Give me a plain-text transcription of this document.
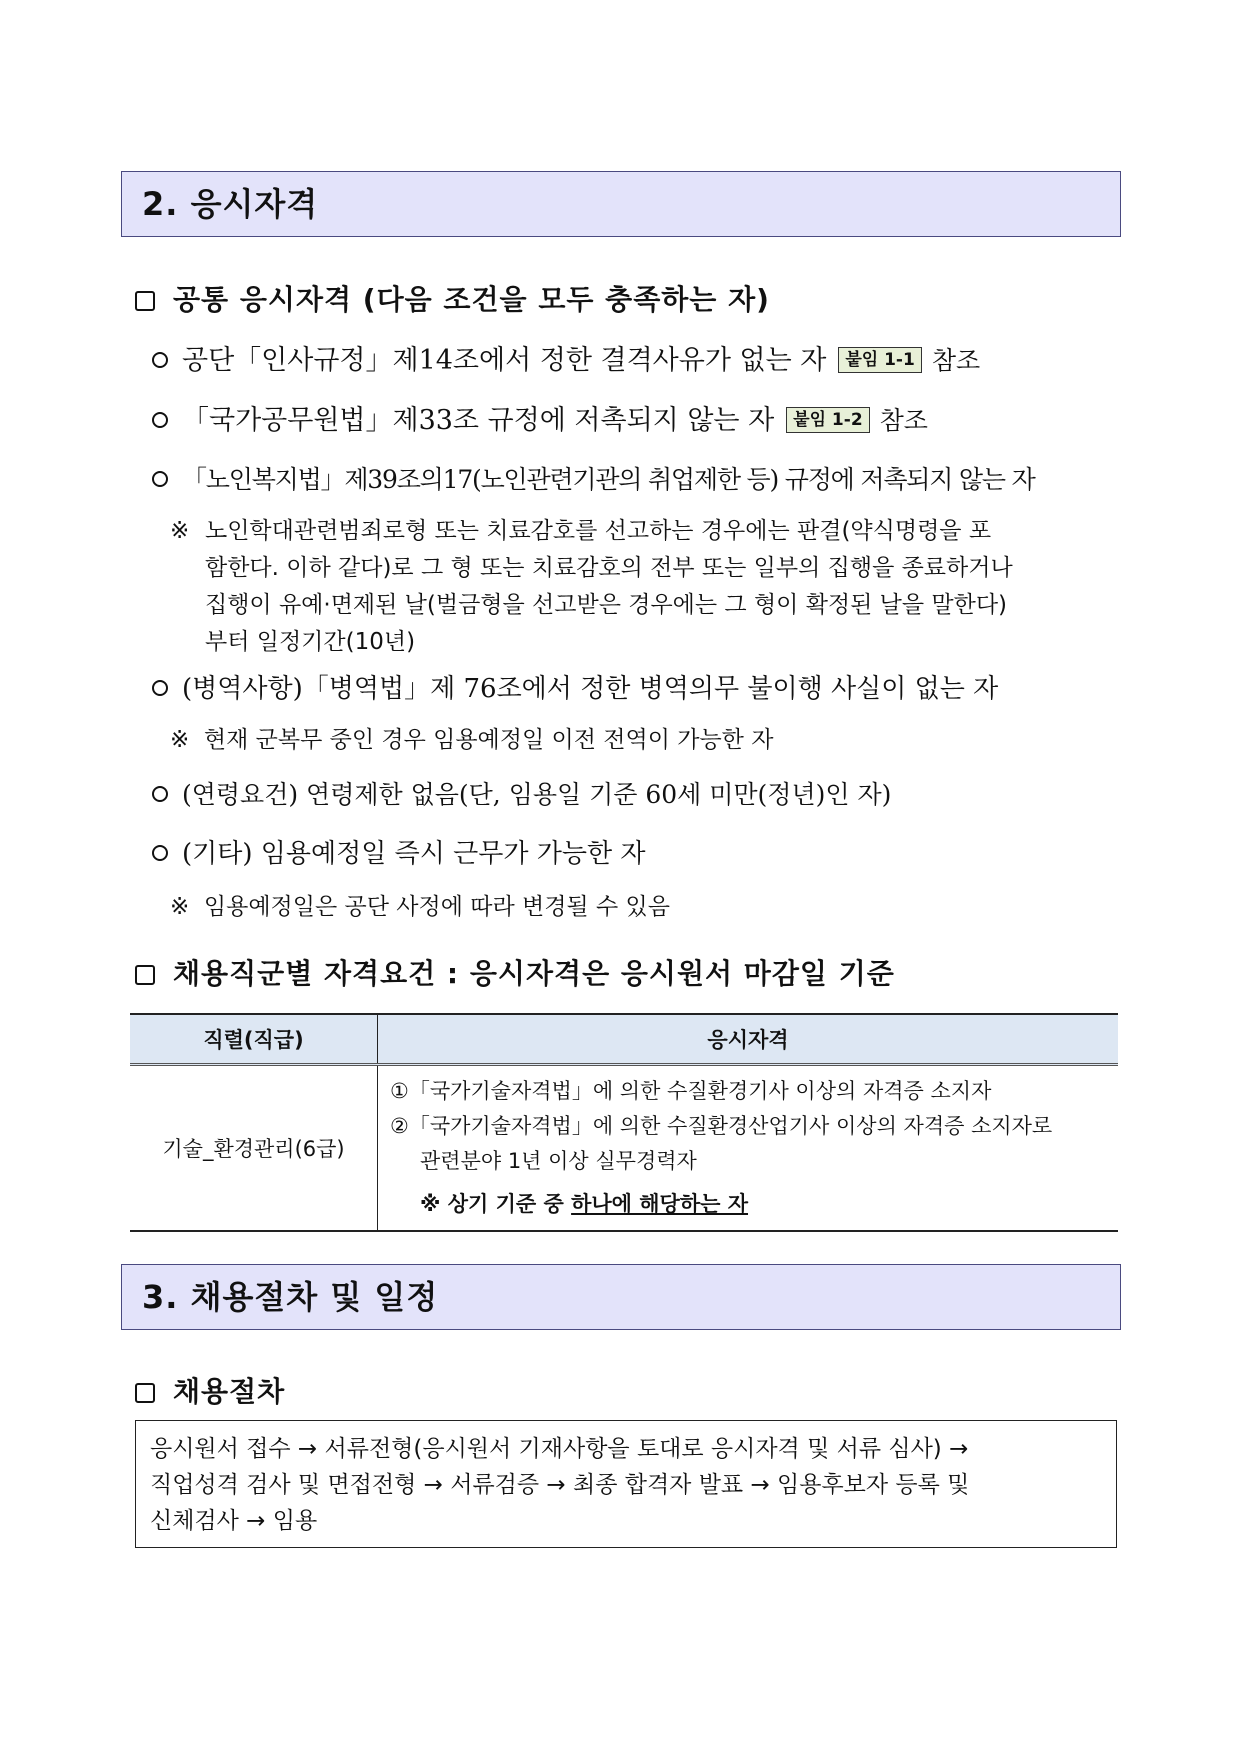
2. 응시자격
공통 응시자격 (다음 조건을 모두 충족하는 자)
공단「인사규정」제14조에서 정한 결격사유가 없는 자 붙임 1-1 참조
「국가공무원법」제33조 규정에 저촉되지 않는 자 붙임 1-2 참조
「노인복지법」제39조의17(노인관련기관의 취업제한 등) 규정에 저촉되지 않는 자
※ 노인학대관련범죄로형 또는 치료감호를 선고하는 경우에는 판결(약식명령을 포
함한다. 이하 같다)로 그 형 또는 치료감호의 전부 또는 일부의 집행을 종료하거나
집행이 유예·면제된 날(벌금형을 선고받은 경우에는 그 형이 확정된 날을 말한다)
부터 일정기간(10년)
(병역사항)「병역법」제 76조에서 정한 병역의무 불이행 사실이 없는 자
※ 현재 군복무 중인 경우 임용예정일 이전 전역이 가능한 자
(연령요건) 연령제한 없음(단, 임용일 기준 60세 미만(정년)인 자)
(기타) 임용예정일 즉시 근무가 가능한 자
※ 임용예정일은 공단 사정에 따라 변경될 수 있음
채용직군별 자격요건 : 응시자격은 응시원서 마감일 기준
직렬(직급)	응시자격
기술_환경관리(6급)	①「국가기술자격법」에 의한 수질환경기사 이상의 자격증 소지자
②「국가기술자격법」에 의한 수질환경산업기사 이상의 자격증 소지자로
관련분야 1년 이상 실무경력자
※ 상기 기준 중 하나에 해당하는 자
3. 채용절차 및 일정
채용절차
응시원서 접수 → 서류전형(응시원서 기재사항을 토대로 응시자격 및 서류 심사) →
직업성격 검사 및 면접전형 → 서류검증 → 최종 합격자 발표 → 임용후보자 등록 및
신체검사 → 임용
